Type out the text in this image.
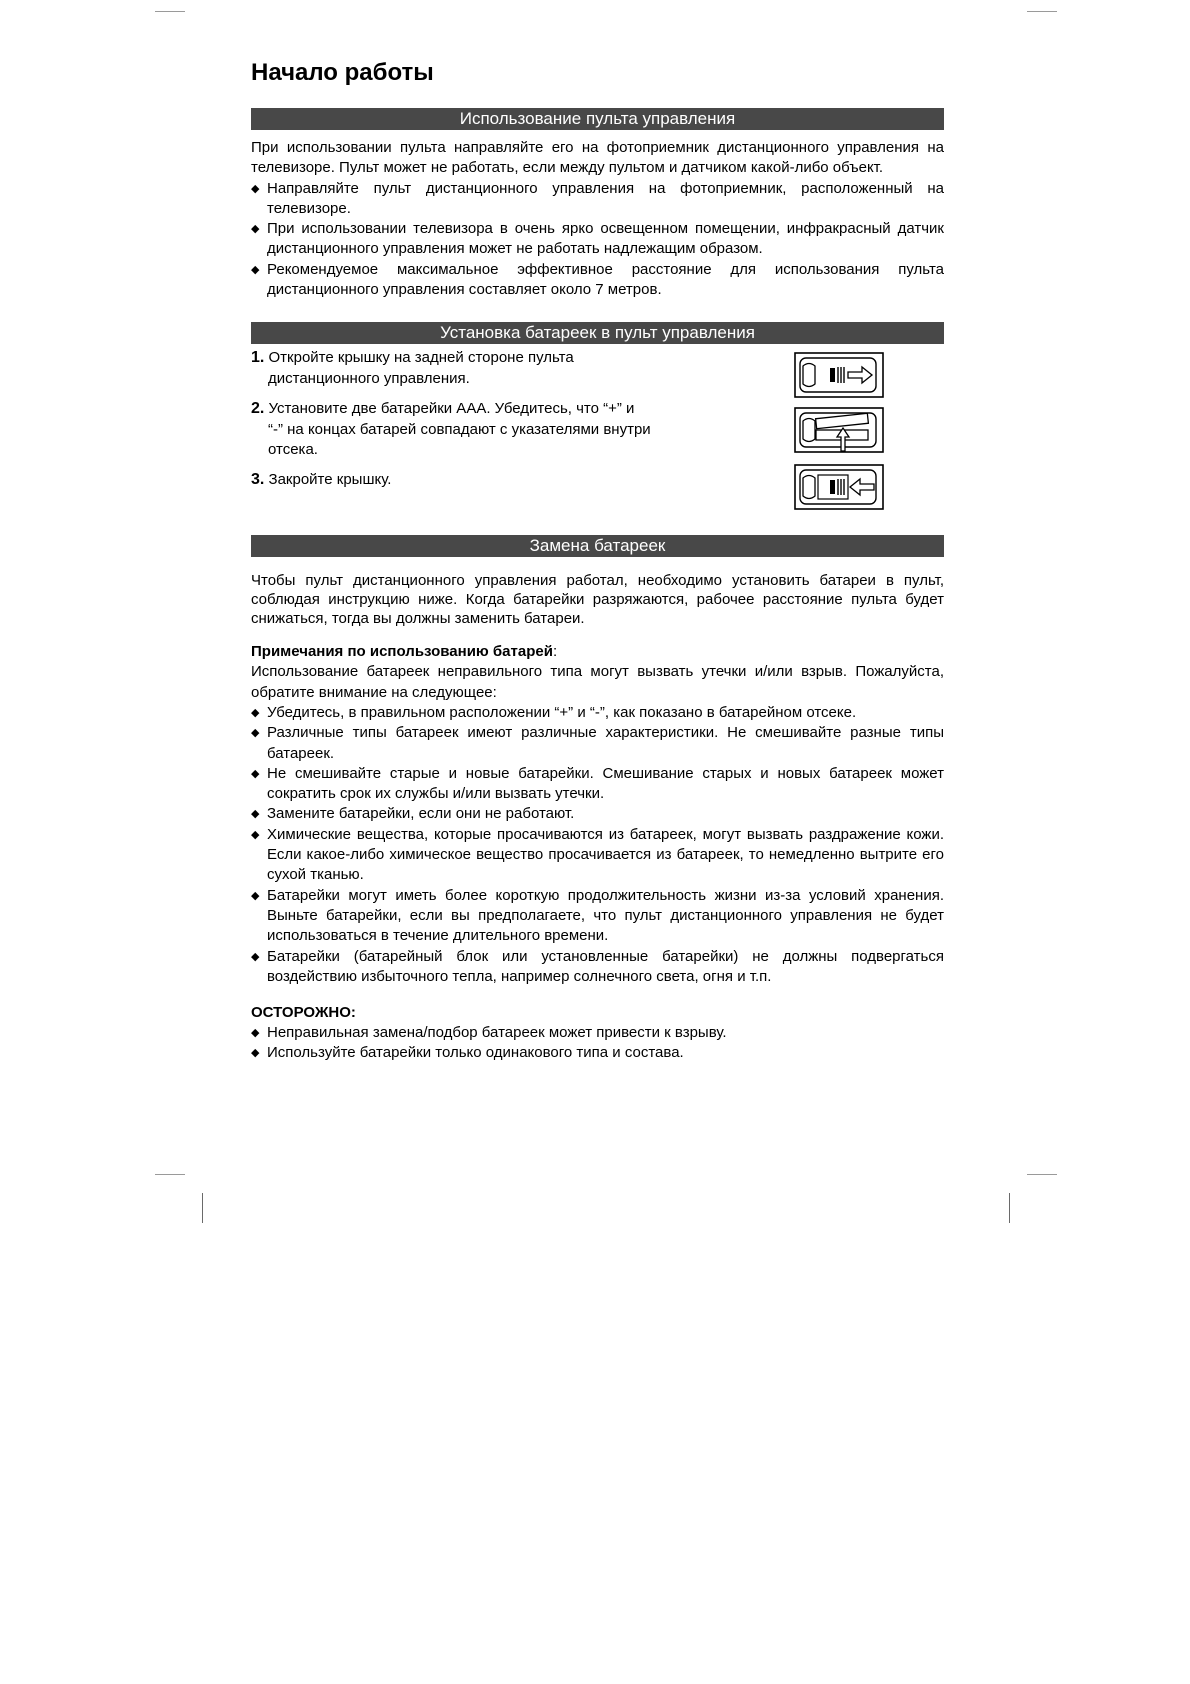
Начало работы
Использование пульта управления

При использовании пульта направляйте его на фотоприемник дистанционного управления на телевизоре. Пульт может не работать, если между пультом и датчиком какой-либо объект.

◆ Направляйте пульт дистанционного управления на фотоприемник, расположенный на телевизоре.
◆ При использовании телевизора в очень ярко освещенном помещении, инфракрасный датчик дистанционного управления может не работать надлежащим образом.
◆ Рекомендуемое максимальное эффективное расстояние для использования пульта дистанционного управления составляет около 7 метров.
Установка батареек в пульт управления
1. Откройте крышку на задней стороне пульта
дистанционного управления.
2. Установите две батарейки ААА. Убедитесь, что “+” и
“-” на концах батарей совпадают с указателями внутри отсека.
3. Закройте крышку.
Замена батареек

Чтобы пульт дистанционного управления работал, необходимо установить батареи в пульт, соблюдая инструкцию ниже. Когда батарейки разряжаются, рабочее расстояние пульта будет снижаться, тогда вы должны заменить батареи.

Примечания по использованию батарей:

Использование батареек неправильного типа могут вызвать утечки и/или взрыв. Пожалуйста, обратите внимание на следующее:

◆ Убедитесь, в правильном расположении “+” и “-”, как показано в батарейном отсеке.
◆ Различные типы батареек имеют различные характеристики. Не смешивайте разные типы батареек.
◆ Не смешивайте старые и новые батарейки. Смешивание старых и новых батареек может сократить срок их службы и/или вызвать утечки.
◆ Замените батарейки, если они не работают.
◆ Химические вещества, которые просачиваются из батареек, могут вызвать раздражение кожи. Если какое-либо химическое вещество просачивается из батареек, то немедленно вытрите его сухой тканью.
◆ Батарейки могут иметь более короткую продолжительность жизни из-за условий хранения. Выньте батарейки, если вы предполагаете, что пульт дистанционного управления не будет использоваться в течение длительного времени.
◆ Батарейки (батарейный блок или установленные батарейки) не должны подвергаться воздействию избыточного тепла, например солнечного света, огня и т.п.
ОСТОРОЖНО:
◆ Неправильная замена/подбор батареек может привести к взрыву.
◆ Используйте батарейки только одинакового типа и состава.
